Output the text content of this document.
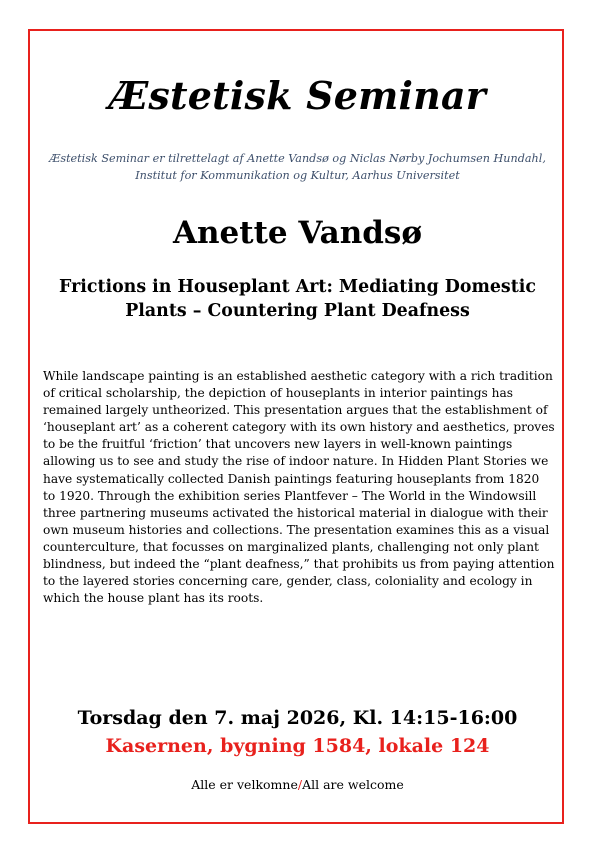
Æstetisk Seminar

Æstetisk Seminar er tilrettelagt af Anette Vandsø og Niclas Nørby Jochumsen Hundahl,
Institut for Kommunikation og Kultur, Aarhus Universitet

Anette Vandsø
Frictions in Houseplant Art: Mediating Domestic Plants – Countering Plant Deafness

While landscape painting is an established aesthetic category with a rich tradition of critical scholarship, the depiction of houseplants in interior paintings has remained largely untheorized. This presentation argues that the establishment of ‘houseplant art’ as a coherent category with its own history and aesthetics, proves to be the fruitful ‘friction’ that uncovers new layers in well-known paintings allowing us to see and study the rise of indoor nature. In Hidden Plant Stories we have systematically collected Danish paintings featuring houseplants from 1820 to 1920. Through the exhibition series Plantfever – The World in the Windowsill three partnering museums activated the historical material in dialogue with their own museum histories and collections. The presentation examines this as a visual counterculture, that focusses on marginalized plants, challenging not only plant blindness, but indeed the “plant deafness,” that prohibits us from paying attention to the layered stories concerning care, gender, class, coloniality and ecology in which the house plant has its roots.

Torsdag den 7. maj 2026, Kl. 14:15-16:00

Kasernen, bygning 1584, lokale 124

Alle er velkomne/All are welcome
